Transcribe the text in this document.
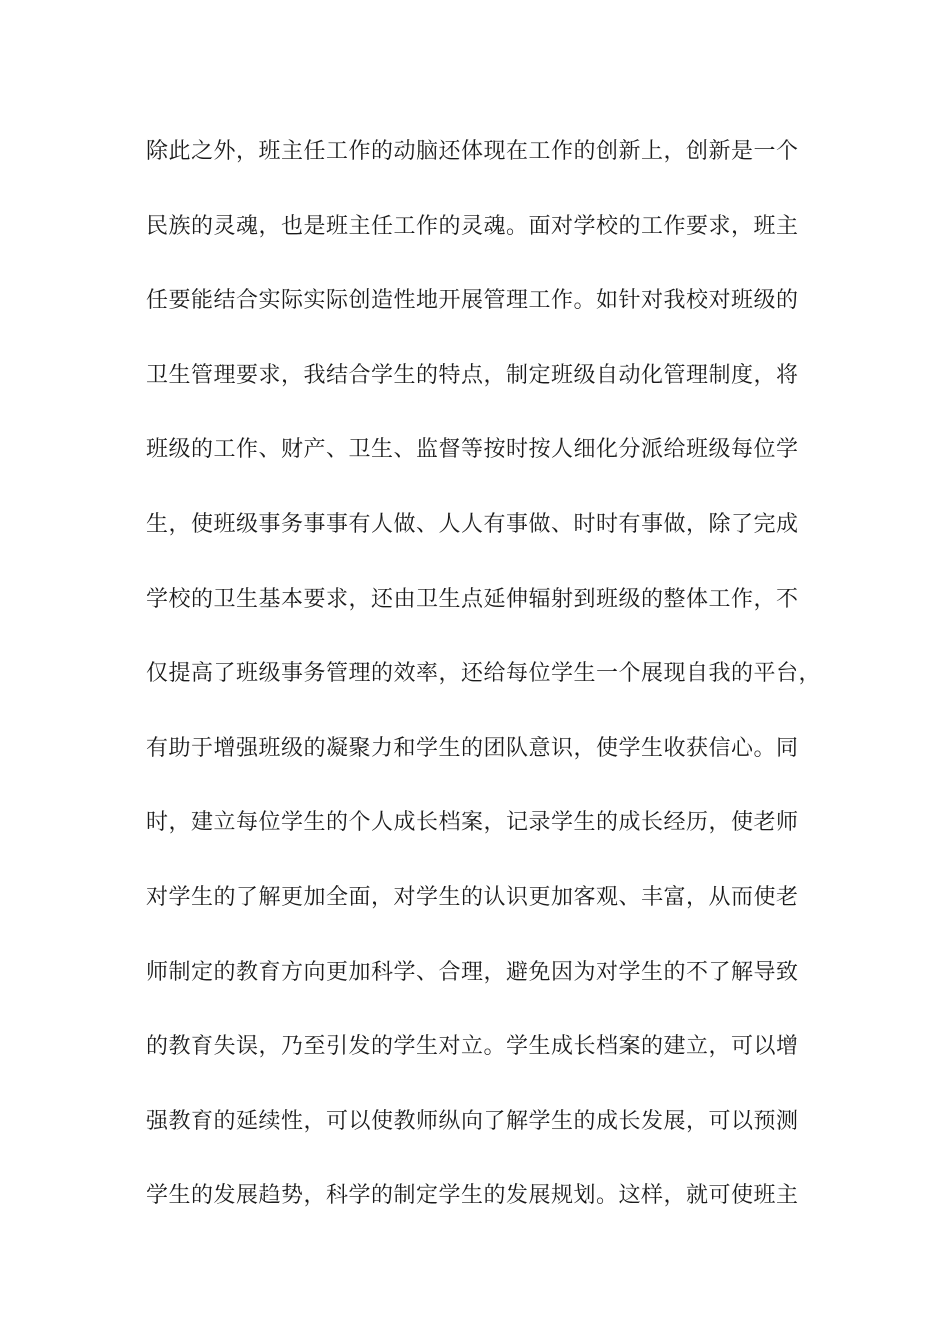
除此之外，班主任工作的动脑还体现在工作的创新上，创新是一个
民族的灵魂，也是班主任工作的灵魂。面对学校的工作要求，班主
任要能结合实际实际创造性地开展管理工作。如针对我校对班级的
卫生管理要求，我结合学生的特点，制定班级自动化管理制度，将
班级的工作、财产、卫生、监督等按时按人细化分派给班级每位学
生，使班级事务事事有人做、人人有事做、时时有事做，除了完成
学校的卫生基本要求，还由卫生点延伸辐射到班级的整体工作，不
仅提高了班级事务管理的效率，还给每位学生一个展现自我的平台，
有助于增强班级的凝聚力和学生的团队意识，使学生收获信心。同
时，建立每位学生的个人成长档案，记录学生的成长经历，使老师
对学生的了解更加全面，对学生的认识更加客观、丰富，从而使老
师制定的教育方向更加科学、合理，避免因为对学生的不了解导致
的教育失误，乃至引发的学生对立。学生成长档案的建立，可以增
强教育的延续性，可以使教师纵向了解学生的成长发展，可以预测
学生的发展趋势，科学的制定学生的发展规划。这样，就可使班主
